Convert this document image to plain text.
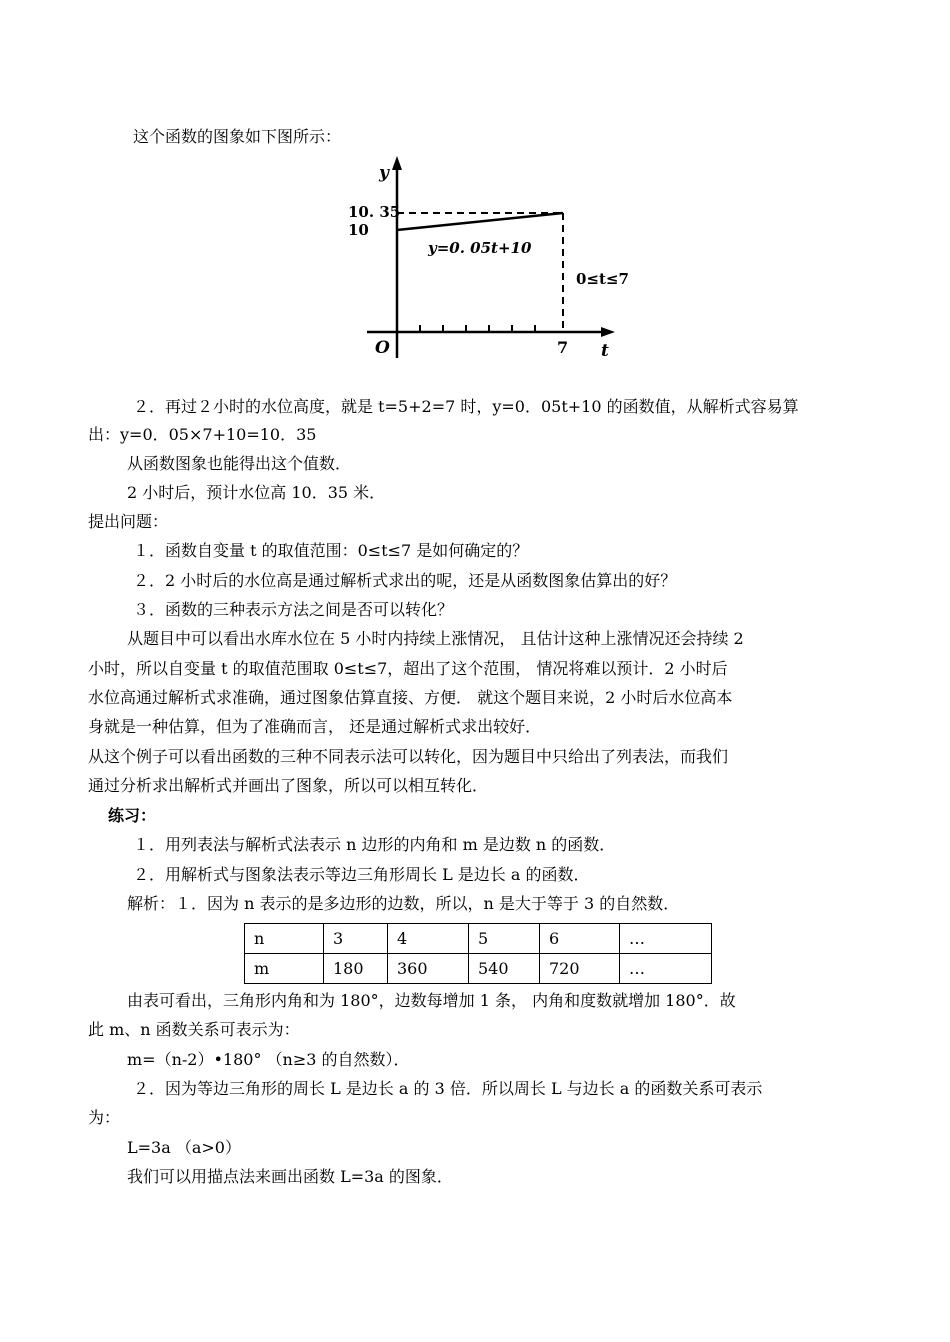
这个函数的图象如下图所示：
y
t
O	7
10. 35
10
y=0. 05t+10
0≤t≤7
２．再过２小时的水位高度，就是 t=5+2=7 时，y=0．05t+10 的函数值，从解析式容易算
出：y=0．05×7+10=10．35
从函数图象也能得出这个值数．
2 小时后，预计水位高 10．35 米．
提出问题：
１．函数自变量 t 的取值范围：0≤t≤7 是如何确定的？
２．2 小时后的水位高是通过解析式求出的呢，还是从函数图象估算出的好？
３．函数的三种表示方法之间是否可以转化？
从题目中可以看出水库水位在 5 小时内持续上涨情况， 且估计这种上涨情况还会持续 2
小时，所以自变量 t 的取值范围取 0≤t≤7，超出了这个范围， 情况将难以预计．2 小时后
水位高通过解析式求准确，通过图象估算直接、方便． 就这个题目来说，2 小时后水位高本
身就是一种估算，但为了准确而言， 还是通过解析式求出较好．
从这个例子可以看出函数的三种不同表示法可以转化，因为题目中只给出了列表法，而我们
通过分析求出解析式并画出了图象，所以可以相互转化．
练习：
１．用列表法与解析式法表示 n 边形的内角和 m 是边数 n 的函数．
２．用解析式与图象法表示等边三角形周长 L 是边长 a 的函数．
解析：１．因为 n 表示的是多边形的边数，所以，n 是大于等于 3 的自然数．
n	3	4	5	6	…
m	180	360	540	720	…
由表可看出，三角形内角和为 180°，边数每增加 1 条， 内角和度数就增加 180°．故
此 m、n 函数关系可表示为：
m=（n-2）•180° （n≥3 的自然数）．
２．因为等边三角形的周长 L 是边长 a 的 3 倍．所以周长 L 与边长 a 的函数关系可表示
为：
L=3a （a>0）
我们可以用描点法来画出函数 L=3a 的图象．
